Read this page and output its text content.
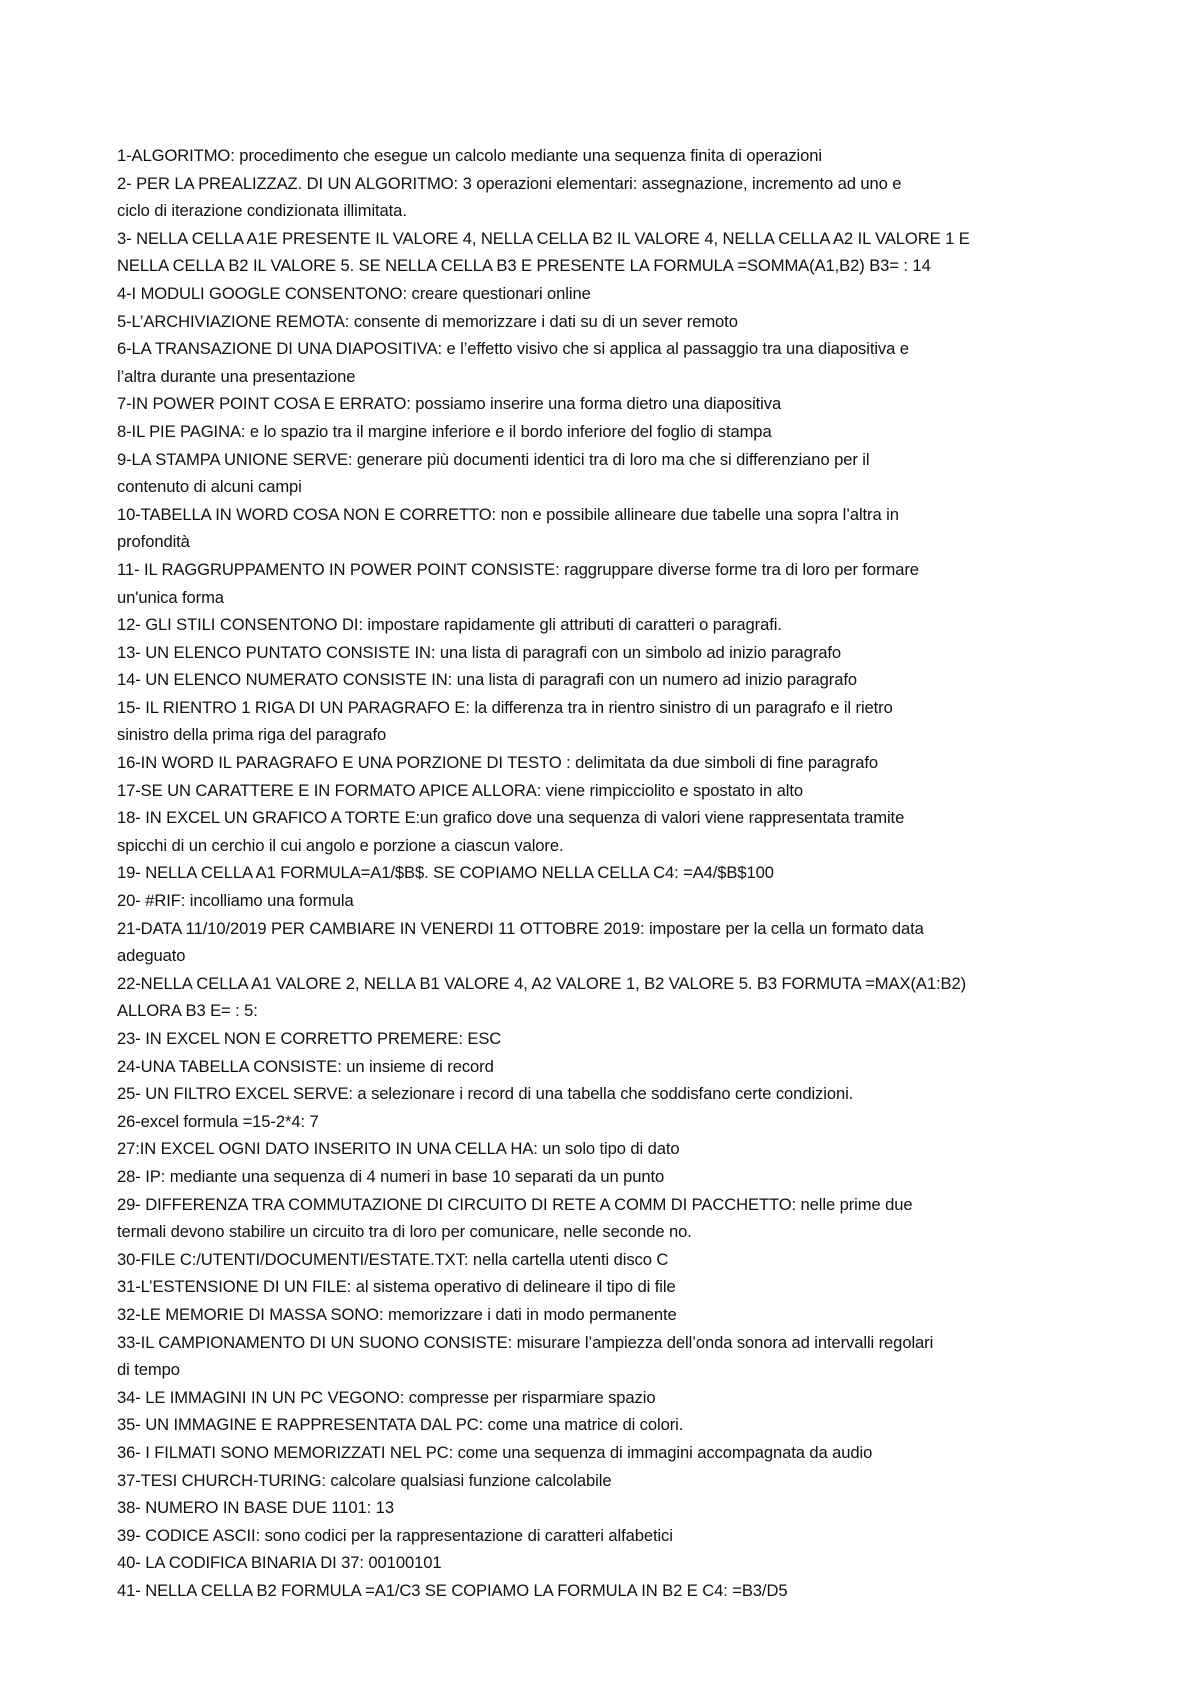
1-ALGORITMO: procedimento che esegue un calcolo mediante una sequenza finita di operazioni
2- PER LA PREALIZZAZ. DI UN ALGORITMO: 3 operazioni elementari: assegnazione, incremento ad uno e
ciclo di iterazione condizionata illimitata.
3- NELLA CELLA A1E PRESENTE IL VALORE 4, NELLA CELLA B2 IL VALORE 4, NELLA CELLA A2 IL VALORE 1 E
NELLA CELLA B2 IL VALORE 5. SE NELLA CELLA B3 E PRESENTE LA FORMULA =SOMMA(A1,B2) B3= : 14
4-I MODULI GOOGLE CONSENTONO: creare questionari online
5-L’ARCHIVIAZIONE REMOTA: consente di memorizzare i dati su di un sever remoto
6-LA TRANSAZIONE DI UNA DIAPOSITIVA: e l’effetto visivo che si applica al passaggio tra una diapositiva e
l’altra durante una presentazione
7-IN POWER POINT COSA E ERRATO: possiamo inserire una forma dietro una diapositiva
8-IL PIE PAGINA: e lo spazio tra il margine inferiore e il bordo inferiore del foglio di stampa
9-LA STAMPA UNIONE SERVE: generare più documenti identici tra di loro ma che si differenziano per il
contenuto di alcuni campi
10-TABELLA IN WORD COSA NON E CORRETTO: non e possibile allineare due tabelle una sopra l’altra in
profondità
11- IL RAGGRUPPAMENTO IN POWER POINT CONSISTE: raggruppare diverse forme tra di loro per formare
un'unica forma
12- GLI STILI CONSENTONO DI: impostare rapidamente gli attributi di caratteri o paragrafi.
13- UN ELENCO PUNTATO CONSISTE IN: una lista di paragrafi con un simbolo ad inizio paragrafo
14- UN ELENCO NUMERATO CONSISTE IN: una lista di paragrafi con un numero ad inizio paragrafo
15- IL RIENTRO 1 RIGA DI UN PARAGRAFO E: la differenza tra in rientro sinistro di un paragrafo e il rietro
sinistro della prima riga del paragrafo
16-IN WORD IL PARAGRAFO E UNA PORZIONE DI TESTO : delimitata da due simboli di fine paragrafo
17-SE UN CARATTERE E IN FORMATO APICE ALLORA: viene rimpicciolito e spostato in alto
18- IN EXCEL UN GRAFICO A TORTE E:un grafico dove una sequenza di valori viene rappresentata tramite
spicchi di un cerchio il cui angolo e porzione a ciascun valore.
19- NELLA CELLA A1 FORMULA=A1/$B$. SE COPIAMO NELLA CELLA C4: =A4/$B$100
20- #RIF: incolliamo una formula
21-DATA 11/10/2019 PER CAMBIARE IN VENERDI 11 OTTOBRE 2019: impostare per la cella un formato data
adeguato
22-NELLA CELLA A1 VALORE 2, NELLA B1 VALORE 4, A2 VALORE 1, B2 VALORE 5. B3 FORMUTA =MAX(A1:B2)
ALLORA B3 E= : 5:
23- IN EXCEL NON E CORRETTO PREMERE: ESC
24-UNA TABELLA CONSISTE: un insieme di record
25- UN FILTRO EXCEL SERVE: a selezionare i record di una tabella che soddisfano certe condizioni.
26-excel formula =15-2*4: 7
27:IN EXCEL OGNI DATO INSERITO IN UNA CELLA HA: un solo tipo di dato
28- IP: mediante una sequenza di 4 numeri in base 10 separati da un punto
29- DIFFERENZA TRA COMMUTAZIONE DI CIRCUITO DI RETE A COMM DI PACCHETTO: nelle prime due
termali devono stabilire un circuito tra di loro per comunicare, nelle seconde no.
30-FILE C:/UTENTI/DOCUMENTI/ESTATE.TXT: nella cartella utenti disco C
31-L’ESTENSIONE DI UN FILE: al sistema operativo di delineare il tipo di file
32-LE MEMORIE DI MASSA SONO: memorizzare i dati in modo permanente
33-IL CAMPIONAMENTO DI UN SUONO CONSISTE: misurare l’ampiezza dell’onda sonora ad intervalli regolari
di tempo
34- LE IMMAGINI IN UN PC VEGONO: compresse per risparmiare spazio
35- UN IMMAGINE E RAPPRESENTATA DAL PC: come una matrice di colori.
36- I FILMATI SONO MEMORIZZATI NEL PC: come una sequenza di immagini accompagnata da audio
37-TESI CHURCH-TURING: calcolare qualsiasi funzione calcolabile
38- NUMERO IN BASE DUE 1101: 13
39- CODICE ASCII: sono codici per la rappresentazione di caratteri alfabetici
40- LA CODIFICA BINARIA DI 37: 00100101
41- NELLA CELLA B2 FORMULA =A1/C3 SE COPIAMO LA FORMULA IN B2 E C4: =B3/D5
